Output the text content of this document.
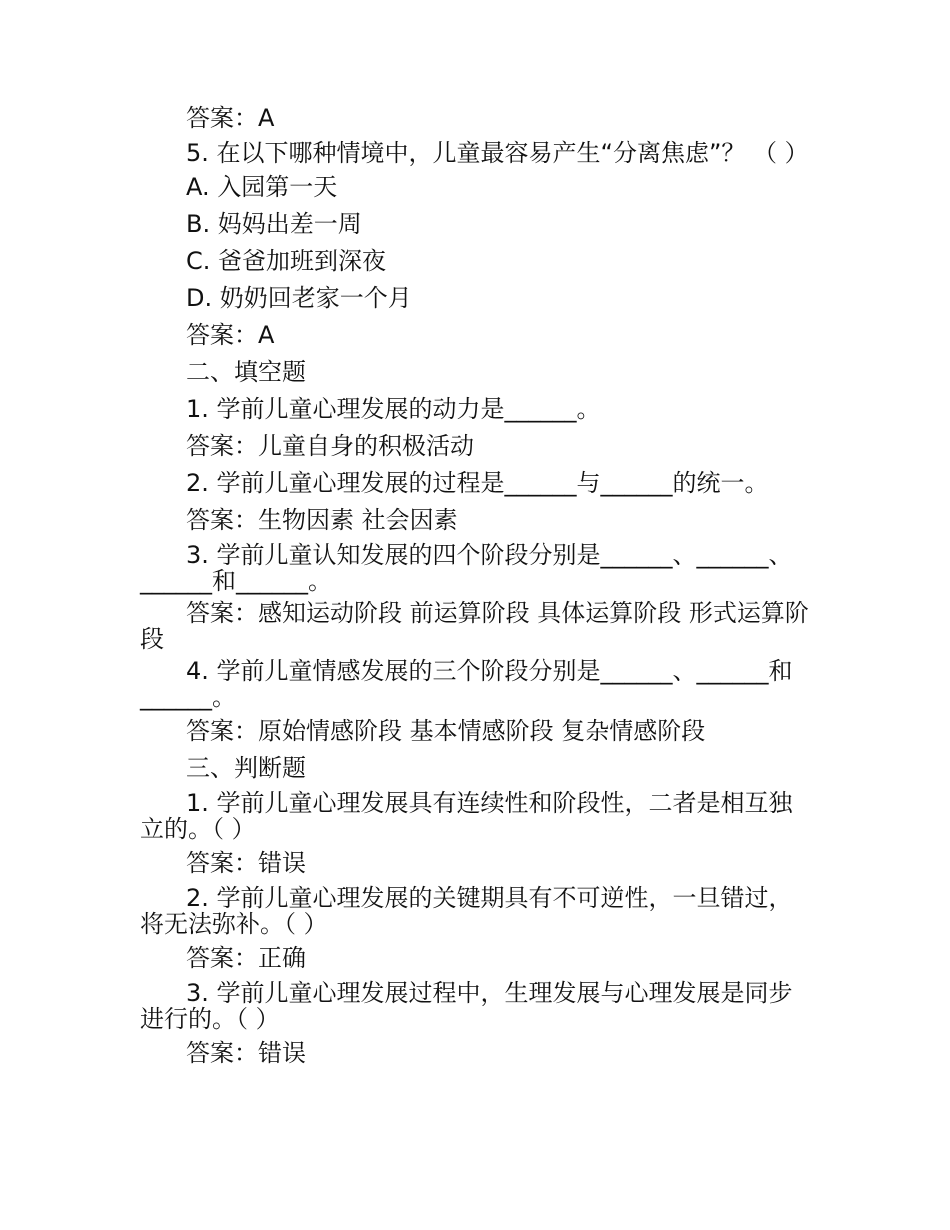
答案：A

5. 在以下哪种情境中，儿童最容易产生“分离焦虑”？ （ ）

A. 入园第一天

B. 妈妈出差一周

C. 爸爸加班到深夜

D. 奶奶回老家一个月

答案：A

二、填空题

1. 学前儿童心理发展的动力是______。

答案：儿童自身的积极活动

2. 学前儿童心理发展的过程是______与______的统一。

答案：生物因素 社会因素

3. 学前儿童认知发展的四个阶段分别是______、______、______和______。

答案：感知运动阶段 前运算阶段 具体运算阶段 形式运算阶段

4. 学前儿童情感发展的三个阶段分别是______、______和______。

答案：原始情感阶段 基本情感阶段 复杂情感阶段

三、判断题

1. 学前儿童心理发展具有连续性和阶段性，二者是相互独立的。（ ）

答案：错误

2. 学前儿童心理发展的关键期具有不可逆性，一旦错过，将无法弥补。（ ）

答案：正确

3. 学前儿童心理发展过程中，生理发展与心理发展是同步进行的。（ ）

答案：错误
